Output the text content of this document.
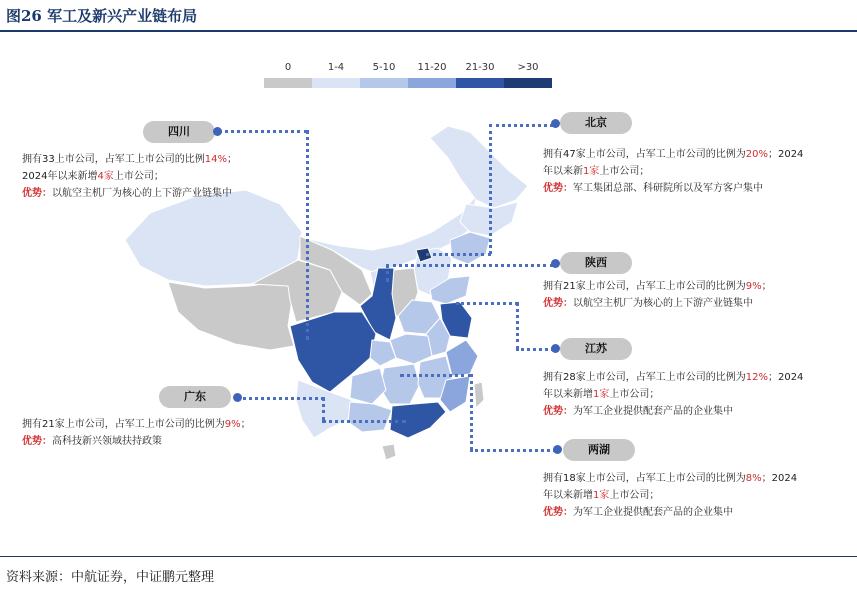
图26 军工及新兴产业链布局
0	1-4	5-10	11-20	21-30	>30
四川
拥有33上市公司，占军工上市公司的比例14%；
2024年以来新增4家上市公司；
优势：以航空主机厂为核心的上下游产业链集中
北京
拥有47家上市公司，占军工上市公司的比例为20%；2024
年以来新1家上市公司；
优势：军工集团总部、科研院所以及军方客户集中
陕西
拥有21家上市公司，占军工上市公司的比例为9%；
优势：以航空主机厂为核心的上下游产业链集中
江苏
拥有28家上市公司，占军工上市公司的比例为12%；2024
年以来新增1家上市公司；
优势：为军工企业提供配套产品的企业集中
广东
拥有21家上市公司，占军工上市公司的比例为9%；
优势：高科技新兴领域扶持政策
两湖
拥有18家上市公司，占军工上市公司的比例为8%；2024
年以来新增1家上市公司；
优势：为军工企业提供配套产品的企业集中
资料来源：中航证券，中证鹏元整理
